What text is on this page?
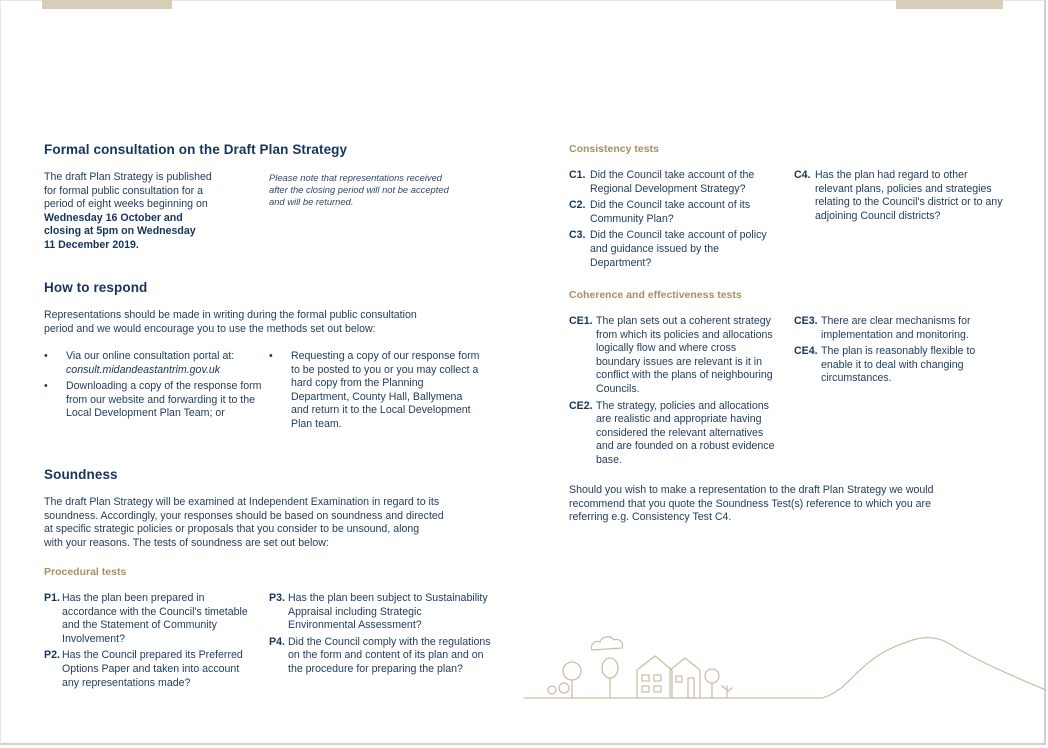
Formal consultation on the Draft Plan Strategy

The draft Plan Strategy is published
for formal public consultation for a
period of eight weeks beginning on
Wednesday 16 October and
closing at 5pm on Wednesday
11 December 2019.

Please note that representations received
after the closing period will not be accepted
and will be returned.

How to respond

Representations should be made in writing during the formal public consultation
period and we would encourage you to use the methods set out below:

• Via our online consultation portal at:
consult.midandeastantrim.gov.uk
• Downloading a copy of the response form from our website and forwarding it to the Local Development Plan Team; or
• Requesting a copy of our response form to be posted to you or you may collect a hard copy from the Planning Department, County Hall, Ballymena and return it to the Local Development Plan team.
Soundness

The draft Plan Strategy will be examined at Independent Examination in regard to its
soundness. Accordingly, your responses should be based on soundness and directed
at specific strategic policies or proposals that you consider to be unsound, along
with your reasons. The tests of soundness are set out below:

Procedural tests
P1. Has the plan been prepared in accordance with the Council's timetable and the Statement of Community Involvement?
P2. Has the Council prepared its Preferred Options Paper and taken into account any representations made?
P3. Has the plan been subject to Sustainability Appraisal including Strategic Environmental Assessment?
P4. Did the Council comply with the regulations on the form and content of its plan and on the procedure for preparing the plan?
Consistency tests
C1. Did the Council take account of the Regional Development Strategy?
C2. Did the Council take account of its Community Plan?
C3. Did the Council take account of policy and guidance issued by the Department?
C4. Has the plan had regard to other relevant plans, policies and strategies relating to the Council's district or to any adjoining Council districts?
Coherence and effectiveness tests
CE1. The plan sets out a coherent strategy from which its policies and allocations logically flow and where cross boundary issues are relevant is it in conflict with the plans of neighbouring Councils.
CE2. The strategy, policies and allocations are realistic and appropriate having considered the relevant alternatives and are founded on a robust evidence base.
CE3. There are clear mechanisms for implementation and monitoring.
CE4. The plan is reasonably flexible to enable it to deal with changing circumstances.

Should you wish to make a representation to the draft Plan Strategy we would
recommend that you quote the Soundness Test(s) reference to which you are
referring e.g. Consistency Test C4.
